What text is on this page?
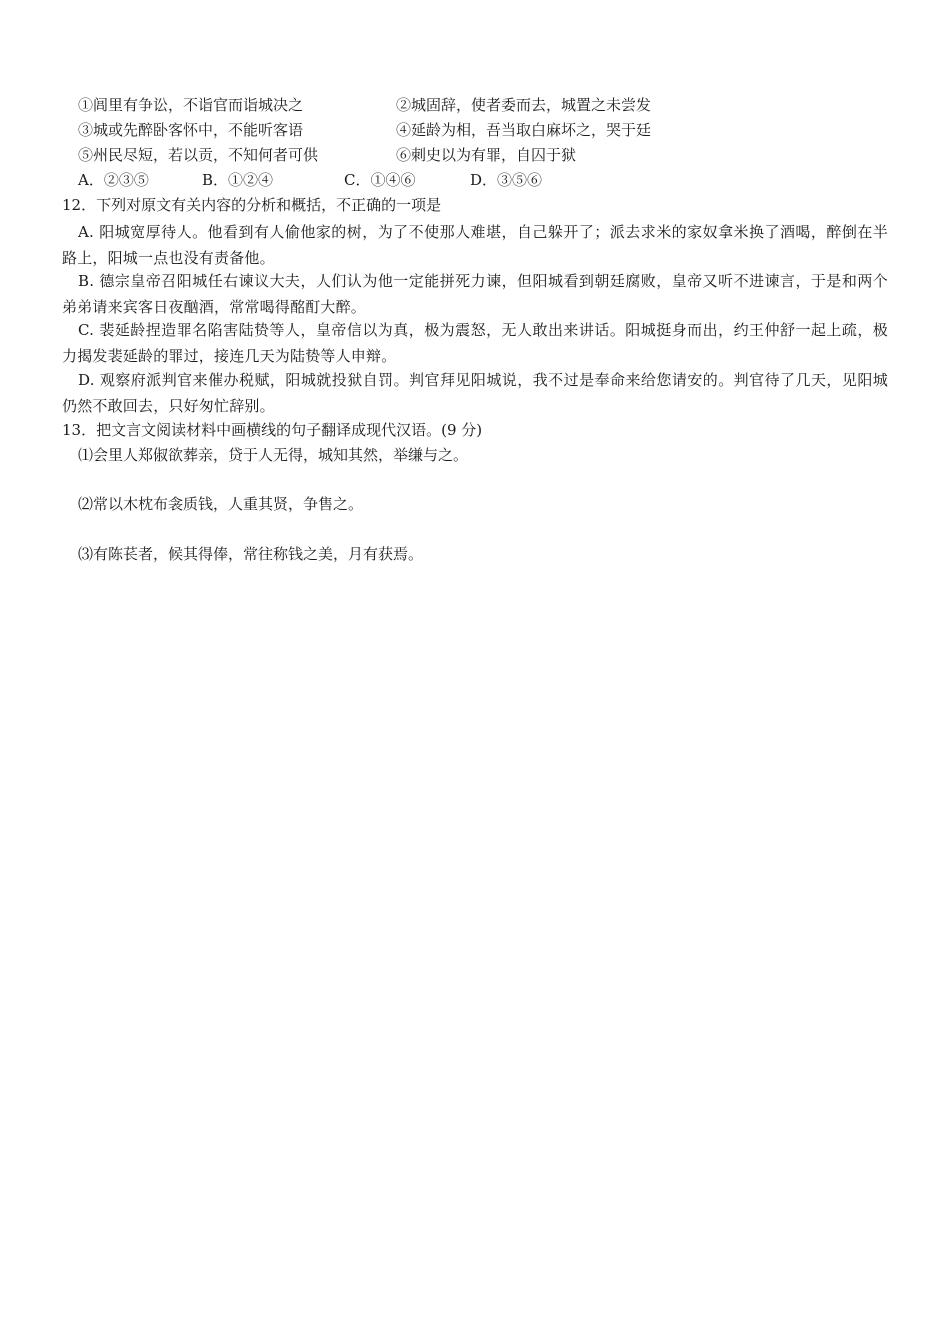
①闾里有争讼，不诣官而诣城决之	②城固辞，使者委而去，城置之未尝发
③城或先醉卧客怀中，不能听客语	④延龄为相，吾当取白麻坏之，哭于廷
⑤州民尽短，若以贡，不知何者可供	⑥刺史以为有罪，自囚于狱
A．②③⑤	B．①②④	C．①④⑥	D．③⑤⑥
12．下列对原文有关内容的分析和概括，不正确的一项是
A. 阳城宽厚待人。他看到有人偷他家的树，为了不使那人难堪，自己躲开了；派去求米的家奴拿米换了酒喝，醉倒在半路上，阳城一点也没有责备他。
B. 德宗皇帝召阳城任右谏议大夫，人们认为他一定能拼死力谏，但阳城看到朝廷腐败，皇帝又听不进谏言，于是和两个弟弟请来宾客日夜酗酒，常常喝得酩酊大醉。
C. 裴延龄捏造罪名陷害陆贽等人，皇帝信以为真，极为震怒，无人敢出来讲话。阳城挺身而出，约王仲舒一起上疏，极力揭发裴延龄的罪过，接连几天为陆贽等人申辩。
D. 观察府派判官来催办税赋，阳城就投狱自罚。判官拜见阳城说，我不过是奉命来给您请安的。判官待了几天，见阳城仍然不敢回去，只好匆忙辞别。
13．把文言文阅读材料中画横线的句子翻译成现代汉语。(9 分)
⑴会里人郑俶欲葬亲，贷于人无得，城知其然，举缣与之。
⑵常以木枕布衾质钱，人重其贤，争售之。
⑶有陈苌者，候其得俸，常往称钱之美，月有获焉。
